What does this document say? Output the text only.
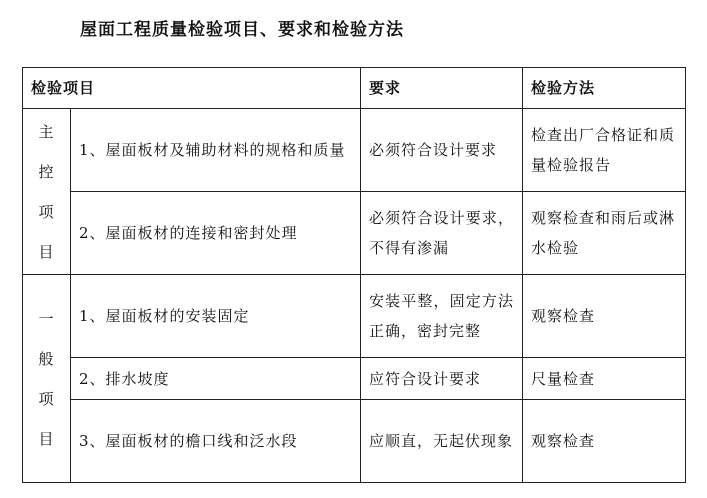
屋面工程质量检验项目、要求和检验方法
检验项目		要求	检验方法

主
控
项
目	1、屋面板材及辅助材料的规格和质量	必须符合设计要求	检查出厂合格证和质量检验报告
	2、屋面板材的连接和密封处理	必须符合设计要求，不得有渗漏	观察检查和雨后或淋水检验

一
般
项
目	1、屋面板材的安装固定	安装平整，固定方法正确，密封完整	观察检查
	2、排水坡度	应符合设计要求	尺量检查
	3、屋面板材的檐口线和泛水段	应顺直，无起伏现象	观察检查
